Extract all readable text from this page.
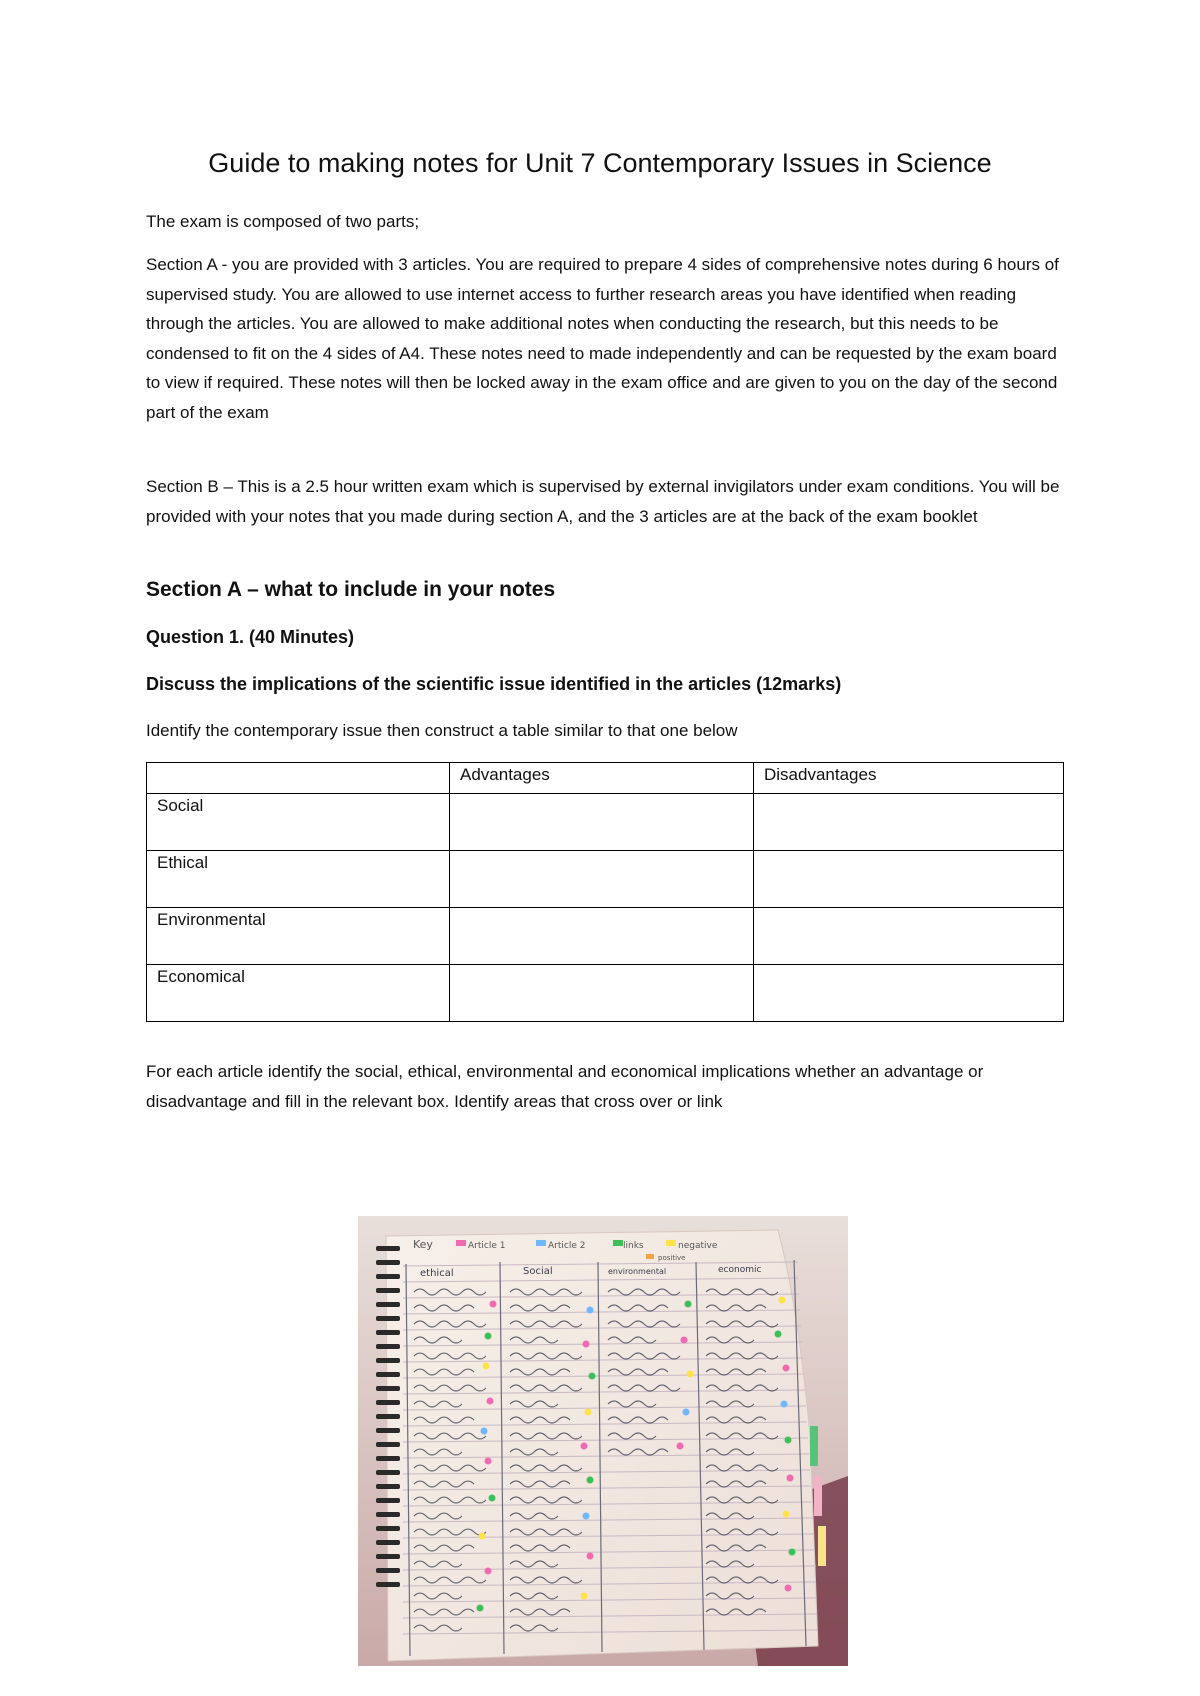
Guide to making notes for Unit 7 Contemporary Issues in Science

The exam is composed of two parts;

Section A - you are provided with 3 articles. You are required to prepare 4 sides of comprehensive notes during 6 hours of supervised study. You are allowed to use internet access to further research areas you have identified when reading through the articles. You are allowed to make additional notes when conducting the research, but this needs to be condensed to fit on the 4 sides of A4. These notes need to made independently and can be requested by the exam board to view if required. These notes will then be locked away in the exam office and are given to you on the day of the second part of the exam

Section B – This is a 2.5 hour written exam which is supervised by external invigilators under exam conditions. You will be provided with your notes that you made during section A, and the 3 articles are at the back of the exam booklet

Section A – what to include in your notes
Question 1. (40 Minutes)
Discuss the implications of the scientific issue identified in the articles (12marks)

Identify the contemporary issue then construct a table similar to that one below

	Advantages	Disadvantages
Social		
Ethical		
Environmental		
Economical		

For each article identify the social, ethical, environmental and economical implications whether an advantage or disadvantage and fill in the relevant box. Identify areas that cross over or link

Key	Article 1	Article 2	links	negative
positive
ethical	Social	environmental	economic
